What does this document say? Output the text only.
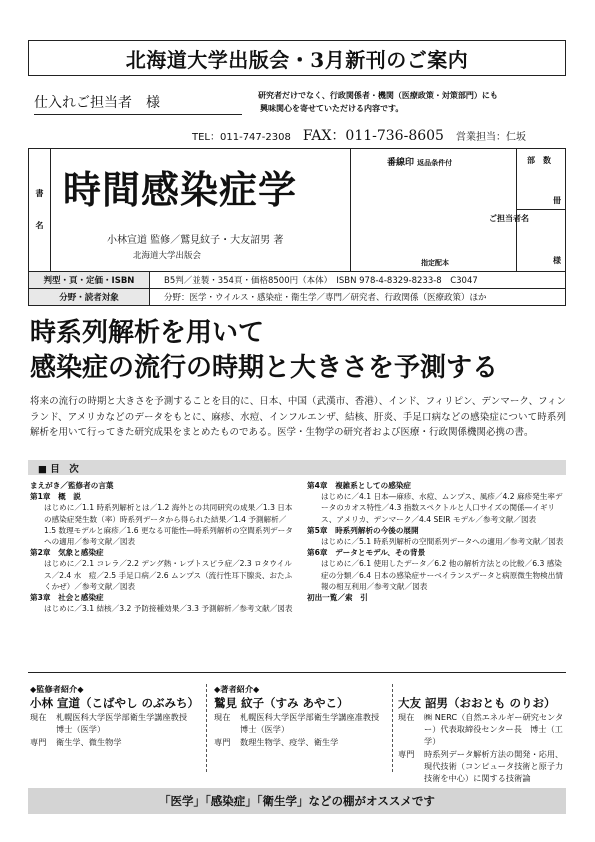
北海道大学出版会・3月新刊のご案内
仕入れご担当者　様	研究者だけでなく、行政関係者・機関（医療政策・対策部門）にも
興味関心を寄せていただける内容です。
TEL：011-747-2308 FAX：011-736-8605 営業担当：仁坂
書
名
時間感染症学
小林宣道 監修／鷲見紋子・大友詔男 著
北海道大学出版会
番線印 返品条件付
指定配本
部　数
冊
ご担当者名
様
判型・頁・定価・ISBN	B5判／並製・354頁・価格8500円（本体）　ISBN 978-4-8329-8233-8　C3047
分野・読者対象	分野：医学・ウイルス・感染症・衛生学／専門／研究者、行政関係（医療政策）ほか
時系列解析を用いて
感染症の流行の時期と大きさを予測する
将来の流行の時期と大きさを予測することを目的に、日本、中国（武漢市、香港）、インド、フィリピン、デンマーク、フィンランド、アメリカなどのデータをもとに、麻疹、水痘、インフルエンザ、結核、肝炎、手足口病などの感染症について時系列解析を用いて行ってきた研究成果をまとめたものである。医学・生物学の研究者および医療・行政関係機関必携の書。
■ 目　次
まえがき／監修者の言葉
第1章　概　説
はじめに／1.1 時系列解析とは／1.2 海外との共同研究の成果／1.3 日本の感染症発生数（率）時系列データから得られた結果／1.4 予測解析／1.5 数理モデルと麻疹／1.6 更なる可能性―時系列解析の空間系列データへの適用／参考文献／図表
第2章　気象と感染症
はじめに／2.1 コレラ／2.2 デング熱・レプトスピラ症／2.3 ロタウイルス／2.4 水　痘／2.5 手足口病／2.6 ムンプス（流行性耳下腺炎、おたふくかぜ）／参考文献／図表
第3章　社会と感染症
はじめに／3.1 結核／3.2 予防接種効果／3.3 予測解析／参考文献／図表
第4章　複雑系としての感染症
はじめに／4.1 日本―麻疹、水痘、ムンプス、風疹／4.2 麻疹発生率データのカオス特性／4.3 指数スペクトルと人口サイズの関係―イギリス、アメリカ、デンマーク／4.4 SEIR モデル／参考文献／図表
第5章　時系列解析の今後の展開
はじめに／5.1 時系列解析の空間系列データへの適用／参考文献／図表
第6章　データとモデル、その背景
はじめに／6.1 使用したデータ／6.2 他の解析方法との比較／6.3 感染症の分類／6.4 日本の感染症サーベイランスデータと病原微生物検出情報の相互利用／参考文献／図表
初出一覧／索　引
◆監修者紹介◆
小林 宣道（こばやし のぶみち）
現在	札幌医科大学医学部衛生学講座教授　博士（医学）
専門	衛生学、微生物学
◆著者紹介◆
鷲見 紋子（すみ あやこ）
現在	札幌医科大学医学部衛生学講座准教授　博士（医学）
専門	数理生物学、疫学、衛生学
大友 詔男（おおとも のりお）
現在	㈱ NERC（自然エネルギー研究センター）代表取締役センター長　博士（工学）
専門	時系列データ解析方法の開発・応用、現代技術（コンピュータ技術と原子力技術を中心）に関する技術論
「医学」「感染症」「衛生学」などの棚がオススメです
